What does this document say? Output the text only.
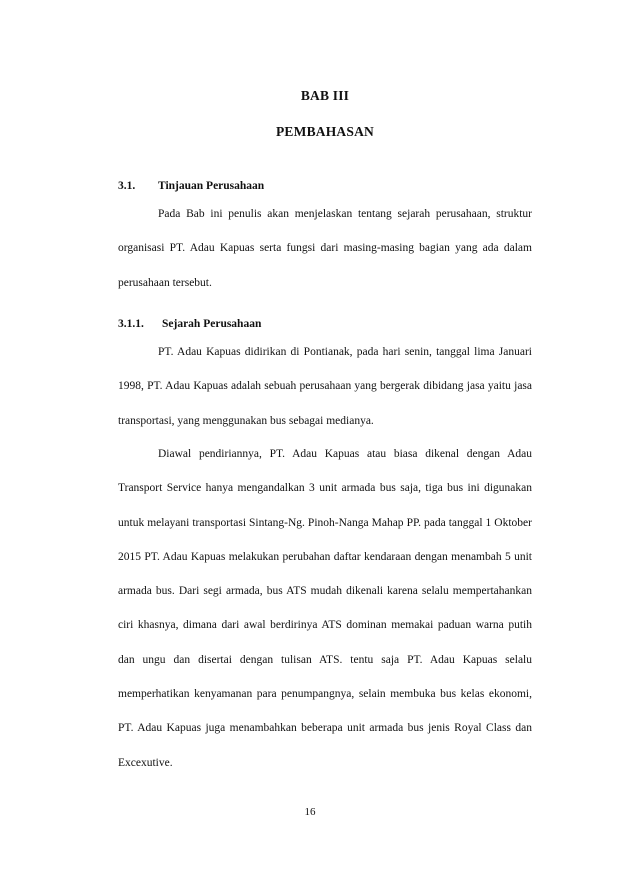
BAB III
PEMBAHASAN
3.1. Tinjauan Perusahaan

Pada Bab ini penulis akan menjelaskan tentang sejarah perusahaan, struktur organisasi PT. Adau Kapuas serta fungsi dari masing-masing bagian yang ada dalam perusahaan tersebut.

3.1.1. Sejarah Perusahaan

PT. Adau Kapuas didirikan di Pontianak, pada hari senin, tanggal lima Januari 1998, PT. Adau Kapuas adalah sebuah perusahaan yang bergerak dibidang jasa yaitu jasa transportasi, yang menggunakan bus sebagai medianya.

Diawal pendiriannya, PT. Adau Kapuas atau biasa dikenal dengan Adau Transport Service hanya mengandalkan 3 unit armada bus saja, tiga bus ini digunakan untuk melayani transportasi Sintang-Ng. Pinoh-Nanga Mahap PP. pada tanggal 1 Oktober 2015 PT. Adau Kapuas melakukan perubahan daftar kendaraan dengan menambah 5 unit armada bus. Dari segi armada, bus ATS mudah dikenali karena selalu mempertahankan ciri khasnya, dimana dari awal berdirinya ATS dominan memakai paduan warna putih dan ungu dan disertai dengan tulisan ATS. tentu saja PT. Adau Kapuas selalu memperhatikan kenyamanan para penumpangnya, selain membuka bus kelas ekonomi, PT. Adau Kapuas juga menambahkan beberapa unit armada bus jenis Royal Class dan Excexutive.

16
